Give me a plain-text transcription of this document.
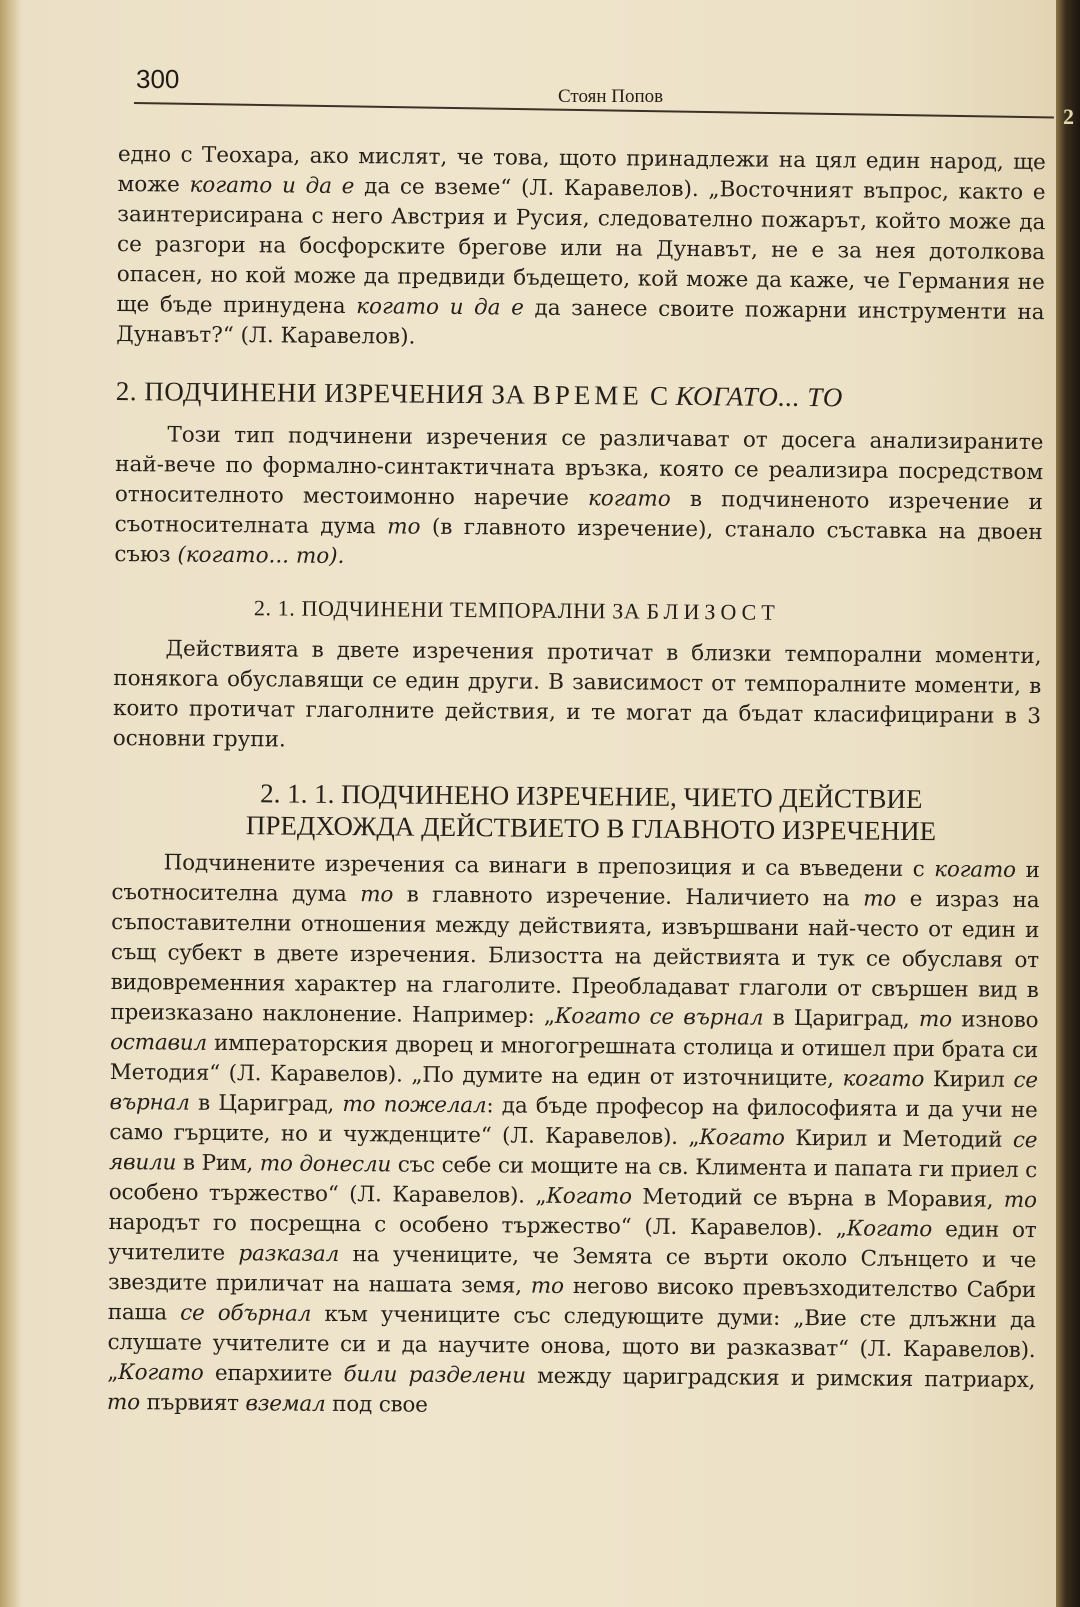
300
Стоян Попов

едно с Теохара, ако мислят, че това, щото принадлежи на цял един народ, ще може когато и да е да се вземе“ (Л. Каравелов). „Восточният въпрос, както е заинтерисирана с него Австрия и Русия, следователно пожарът, който може да се разгори на босфорските брегове или на Дунавът, не е за нея дотолкова опасен, но кой може да предвиди бъдещето, кой може да каже, че Германия не ще бъде принудена когато и да е да занесе своите пожарни инструменти на Дунавът?“ (Л. Каравелов).

2. ПОДЧИНЕНИ ИЗРЕЧЕНИЯ ЗА ВРЕМЕ С КОГАТО... ТО

Този тип подчинени изречения се различават от досега анализираните най-вече по формално-синтактичната връзка, която се реализира посредством относителното местоимонно наречие когато в подчиненото изречение и съотносителната дума то (в главното изречение), станало съставка на двоен съюз (когато... то).

2. 1. ПОДЧИНЕНИ ТЕМПОРАЛНИ ЗА БЛИЗОСТ

Действията в двете изречения протичат в близки темпорални моменти, понякога обуславящи се един други. В зависимост от темпоралните моменти, в които протичат глаголните действия, и те могат да бъдат класифицирани в 3 основни групи.

2. 1. 1. ПОДЧИНЕНО ИЗРЕЧЕНИЕ, ЧИЕТО ДЕЙСТВИЕ
ПРЕДХОЖДА ДЕЙСТВИЕТО В ГЛАВНОТО ИЗРЕЧЕНИЕ

Подчинените изречения са винаги в препозиция и са въведени с когато и съотносителна дума то в главното изречение. Наличието на то е израз на съпоставителни отношения между действията, извършвани най-често от един и същ субект в двете изречения. Близостта на действията и тук се обуславя от видовременния характер на глаголите. Преобладават глаголи от свършен вид в преизказано наклонение. Например: „Когато се върнал в Цариград, то изново оставил императорския дворец и многогрешната столица и отишел при брата си Методия“ (Л. Каравелов). „По думите на един от източниците, когато Кирил се върнал в Цариград, то пожелал: да бъде професор на философията и да учи не само гърците, но и чужденците“ (Л. Каравелов). „Когато Кирил и Методий се явили в Рим, то донесли със себе си мощите на св. Климента и папата ги приел с особено тържество“ (Л. Каравелов). „Когато Методий се върна в Моравия, то народът го посрещна с особено тържество“ (Л. Каравелов). „Когато един от учителите разказал на учениците, че Земята се върти около Слънцето и че звездите приличат на нашата земя, то негово високо превъзходителство Сабри паша се обърнал към учениците със следующите думи: „Вие сте длъжни да слушате учителите си и да научите онова, щото ви разказват“ (Л. Каравелов). „Когато епархиите били разделени между цариградския и римския патриарх, то първият вземал под свое

2
